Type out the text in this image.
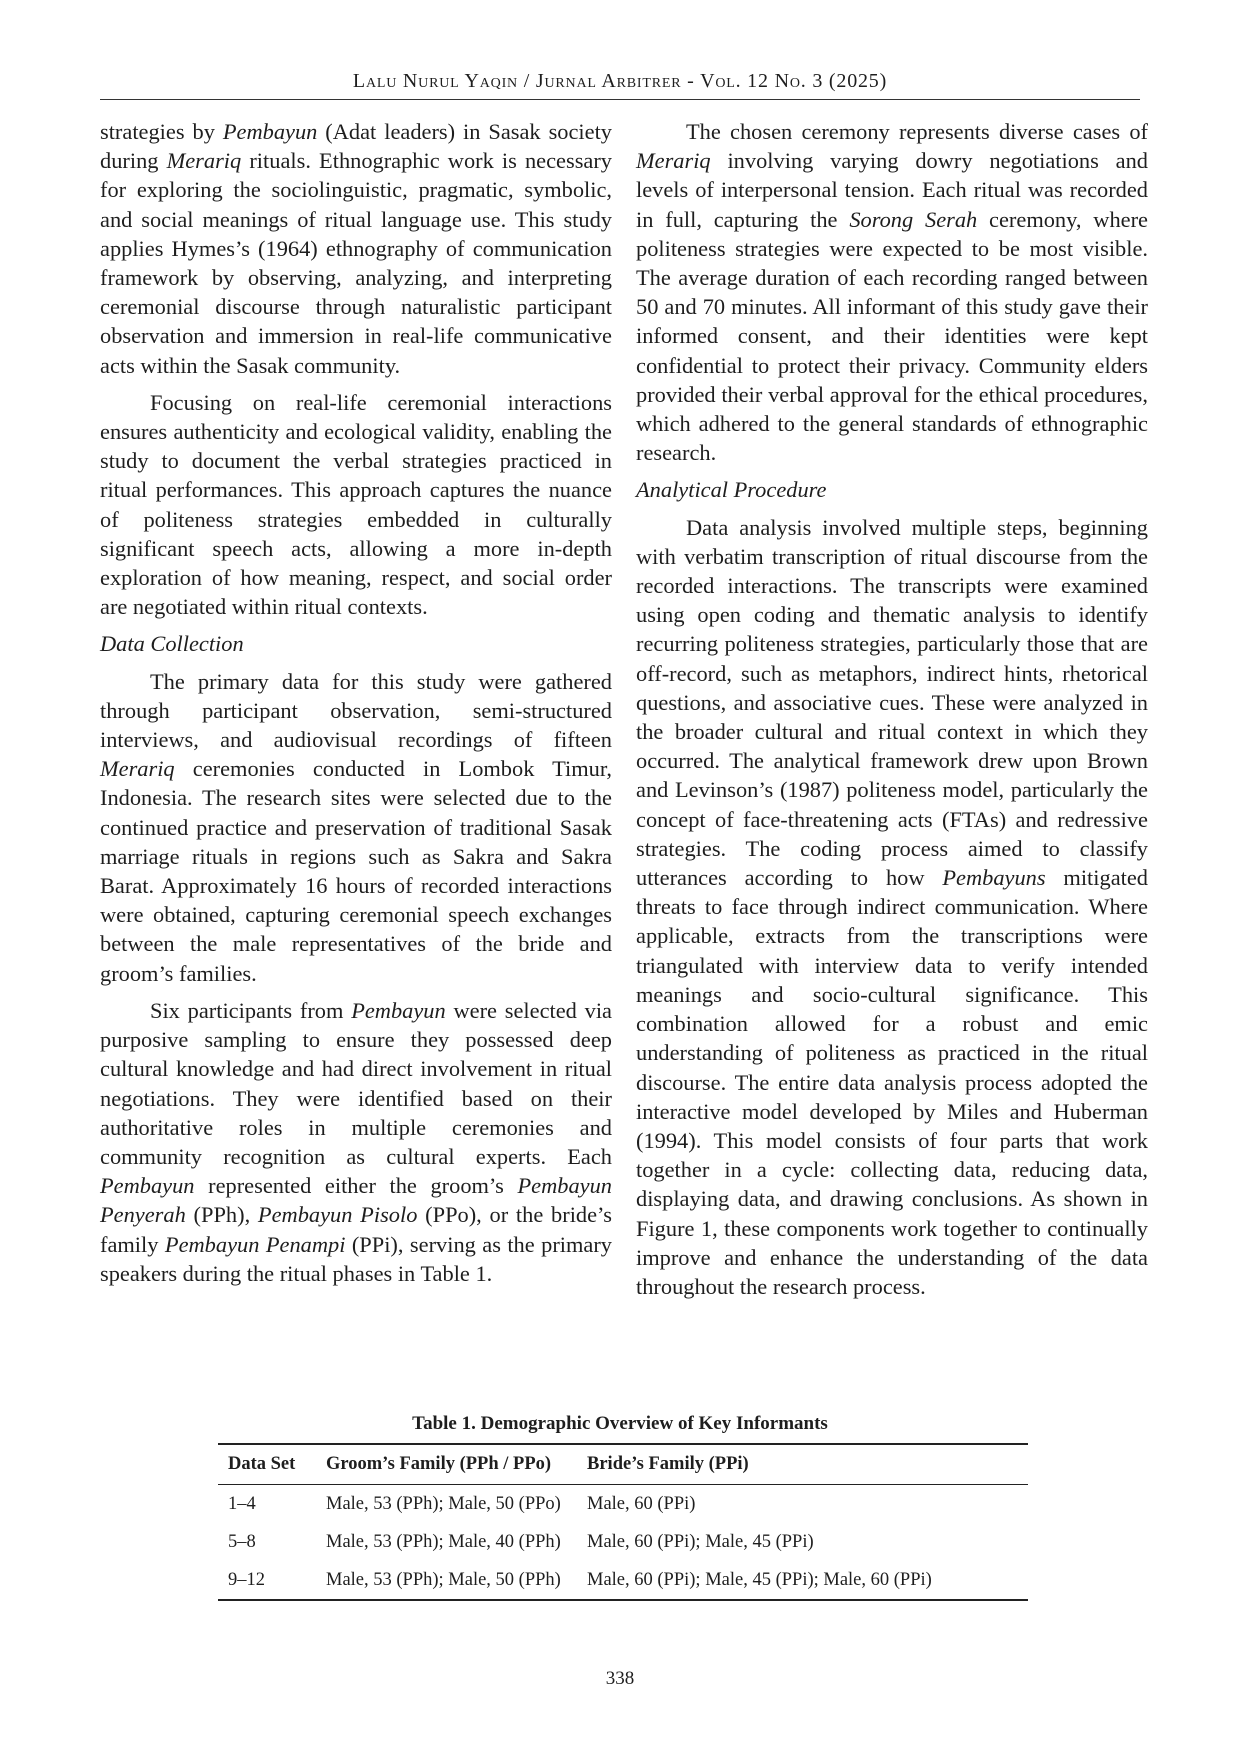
Lalu Nurul Yaqin / Jurnal Arbitrer - Vol. 12 No. 3 (2025)

strategies by Pembayun (Adat leaders) in Sasak society during Merariq rituals. Ethnographic work is necessary for exploring the sociolinguistic, pragmatic, symbolic, and social meanings of ritual language use. This study applies Hymes’s (1964) ethnography of communication framework by observing, analyzing, and interpreting ceremonial discourse through naturalistic participant observation and immersion in real-life communicative acts within the Sasak community.

Focusing on real-life ceremonial interactions ensures authenticity and ecological validity, enabling the study to document the verbal strategies practiced in ritual performances. This approach captures the nuance of politeness strategies embedded in culturally significant speech acts, allowing a more in-depth exploration of how meaning, respect, and social order are negotiated within ritual contexts.

Data Collection

The primary data for this study were gathered through participant observation, semi-structured interviews, and audiovisual recordings of fifteen Merariq ceremonies conducted in Lombok Timur, Indonesia. The research sites were selected due to the continued practice and preservation of traditional Sasak marriage rituals in regions such as Sakra and Sakra Barat. Approximately 16 hours of recorded interactions were obtained, capturing ceremonial speech exchanges between the male representatives of the bride and groom’s families.

Six participants from Pembayun were selected via purposive sampling to ensure they possessed deep cultural knowledge and had direct involvement in ritual negotiations. They were identified based on their authoritative roles in multiple ceremonies and community recognition as cultural experts. Each Pembayun represented either the groom’s Pembayun Penyerah (PPh), Pembayun Pisolo (PPo), or the bride’s family Pembayun Penampi (PPi), serving as the primary speakers during the ritual phases in Table 1.

The chosen ceremony represents diverse cases of Merariq involving varying dowry negotiations and levels of interpersonal tension. Each ritual was recorded in full, capturing the Sorong Serah ceremony, where politeness strategies were expected to be most visible. The average duration of each recording ranged between 50 and 70 minutes. All informant of this study gave their informed consent, and their identities were kept confidential to protect their privacy. Community elders provided their verbal approval for the ethical procedures, which adhered to the general standards of ethnographic research.

Analytical Procedure

Data analysis involved multiple steps, beginning with verbatim transcription of ritual discourse from the recorded interactions. The transcripts were examined using open coding and thematic analysis to identify recurring politeness strategies, particularly those that are off-record, such as metaphors, indirect hints, rhetorical questions, and associative cues. These were analyzed in the broader cultural and ritual context in which they occurred. The analytical framework drew upon Brown and Levinson’s (1987) politeness model, particularly the concept of face-threatening acts (FTAs) and redressive strategies. The coding process aimed to classify utterances according to how Pembayuns mitigated threats to face through indirect communication. Where applicable, extracts from the transcriptions were triangulated with interview data to verify intended meanings and socio-cultural significance. This combination allowed for a robust and emic understanding of politeness as practiced in the ritual discourse. The entire data analysis process adopted the interactive model developed by Miles and Huberman (1994). This model consists of four parts that work together in a cycle: collecting data, reducing data, displaying data, and drawing conclusions. As shown in Figure 1, these components work together to continually improve and enhance the understanding of the data throughout the research process.

Table 1. Demographic Overview of Key Informants
Data Set	Groom’s Family (PPh / PPo)	Bride’s Family (PPi)
1–4	Male, 53 (PPh); Male, 50 (PPo)	Male, 60 (PPi)
5–8	Male, 53 (PPh); Male, 40 (PPh)	Male, 60 (PPi); Male, 45 (PPi)
9–12	Male, 53 (PPh); Male, 50 (PPh)	Male, 60 (PPi); Male, 45 (PPi); Male, 60 (PPi)
338
